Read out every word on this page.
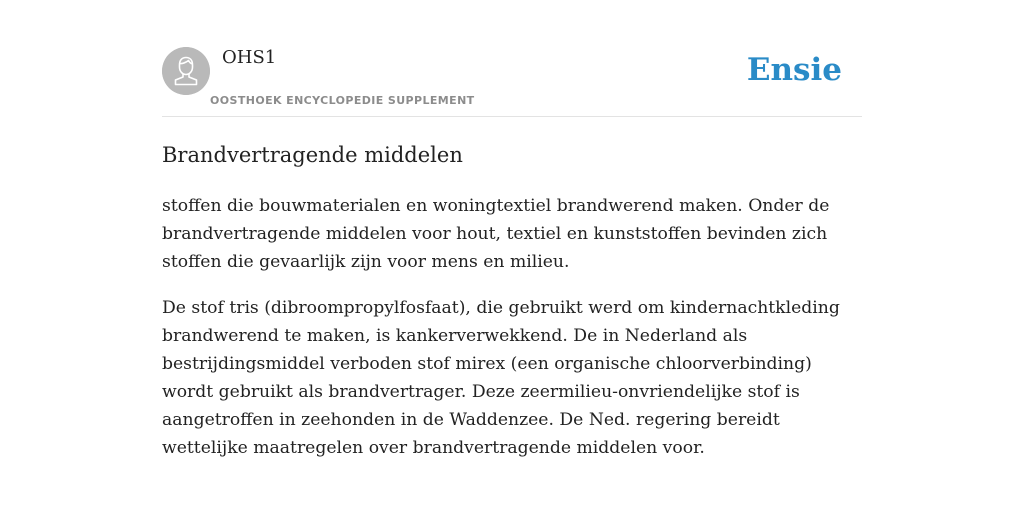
OHS1
OOSTHOEK ENCYCLOPEDIE SUPPLEMENT
Ensie
Brandvertragende middelen

stoffen die bouwmaterialen en woningtextiel brandwerend maken. Onder de brandvertragende middelen voor hout, textiel en kunststoffen bevinden zich stoffen die gevaarlijk zijn voor mens en milieu.

De stof tris (dibroompropylfosfaat), die gebruikt werd om kindernachtkleding brandwerend te maken, is kankerverwekkend. De in Nederland als bestrijdingsmiddel verboden stof mirex (een organische chloorverbinding) wordt gebruikt als brandvertrager. Deze zeermilieu-onvriendelijke stof is aangetroffen in zeehonden in de Waddenzee. De Ned. regering bereidt wettelijke maatregelen over brandvertragende middelen voor.
